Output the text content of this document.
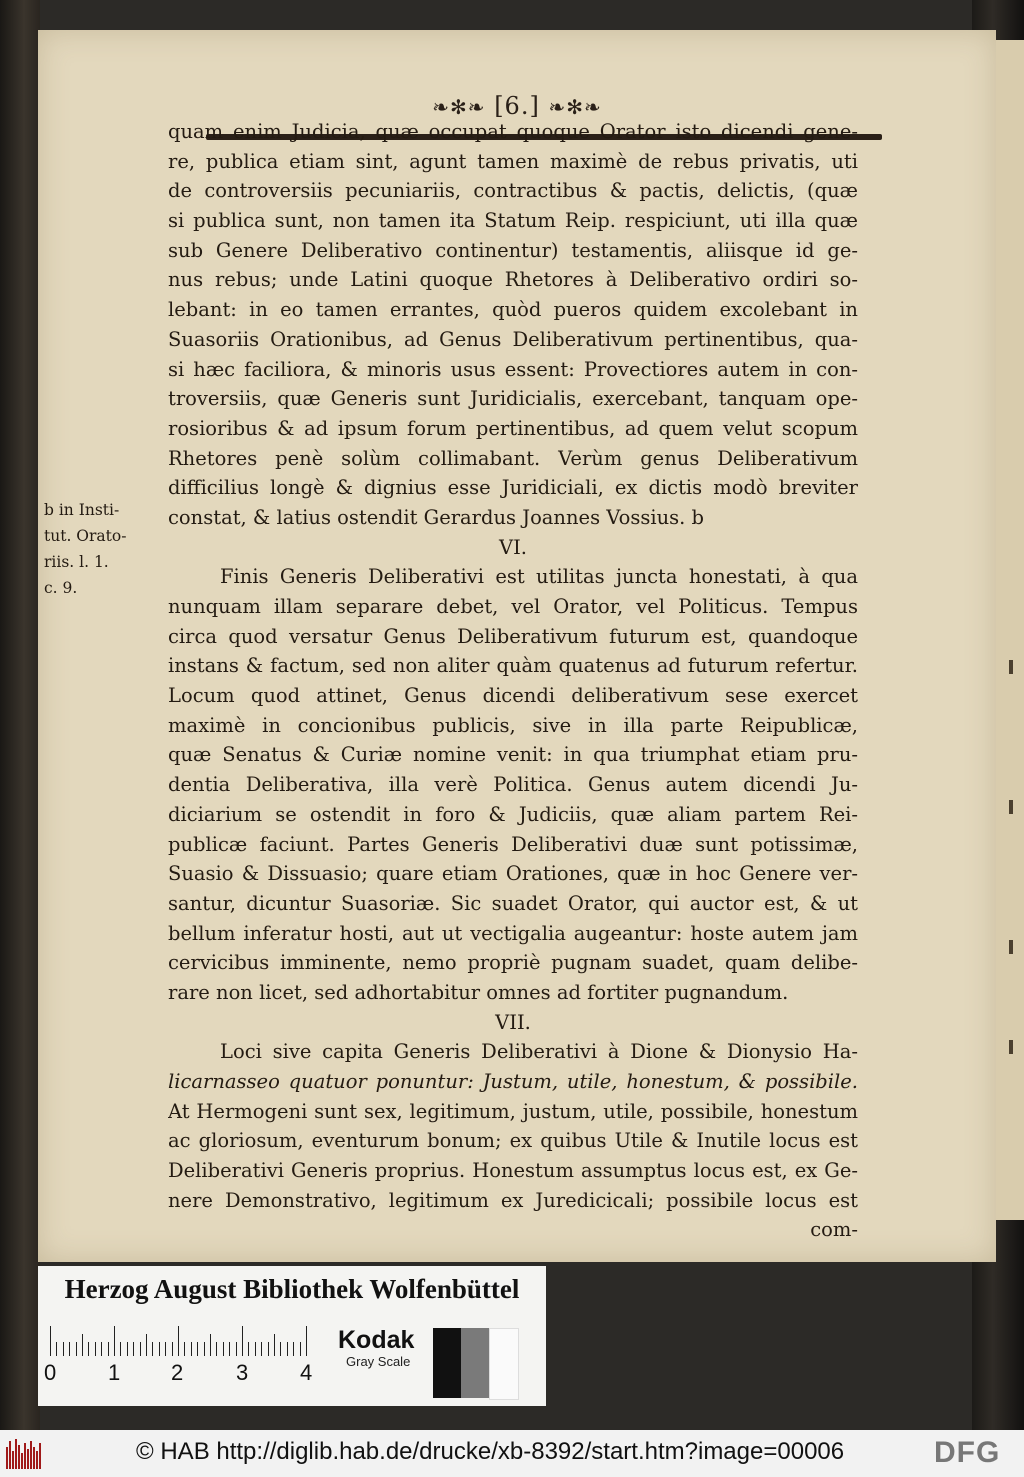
❧✻❧ [6.] ❧✻❧
quam enim Judicia, quæ occupat quoque Orator isto dicendi gene-
re, publica etiam sint, agunt tamen maximè de rebus privatis, uti
de controversiis pecuniariis, contractibus & pactis, delictis, (quæ
si publica sunt, non tamen ita Statum Reip. respiciunt, uti illa quæ
sub Genere Deliberativo continentur) testamentis, aliisque id ge-
nus rebus; unde Latini quoque Rhetores à Deliberativo ordiri so-
lebant: in eo tamen errantes, quòd pueros quidem excolebant in
Suasoriis Orationibus, ad Genus Deliberativum pertinentibus, qua-
si hæc faciliora, & minoris usus essent: Provectiores autem in con-
troversiis, quæ Generis sunt Juridicialis, exercebant, tanquam ope-
rosioribus & ad ipsum forum pertinentibus, ad quem velut scopum
Rhetores penè solùm collimabant. Verùm genus Deliberativum
difficilius longè & dignius esse Juridiciali, ex dictis modò breviter
constat, & latius ostendit Gerardus Joannes Vossius. b
VI.
Finis Generis Deliberativi est utilitas juncta honestati, à qua
nunquam illam separare debet, vel Orator, vel Politicus. Tempus
circa quod versatur Genus Deliberativum futurum est, quandoque
instans & factum, sed non aliter quàm quatenus ad futurum refertur.
Locum quod attinet, Genus dicendi deliberativum sese exercet
maximè in concionibus publicis, sive in illa parte Reipublicæ,
quæ Senatus & Curiæ nomine venit: in qua triumphat etiam pru-
dentia Deliberativa, illa verè Politica. Genus autem dicendi Ju-
diciarium se ostendit in foro & Judiciis, quæ aliam partem Rei-
publicæ faciunt. Partes Generis Deliberativi duæ sunt potissimæ,
Suasio & Dissuasio; quare etiam Orationes, quæ in hoc Genere ver-
santur, dicuntur Suasoriæ. Sic suadet Orator, qui auctor est, & ut
bellum inferatur hosti, aut ut vectigalia augeantur: hoste autem jam
cervicibus imminente, nemo propriè pugnam suadet, quam delibe-
rare non licet, sed adhortabitur omnes ad fortiter pugnandum.
VII.
Loci sive capita Generis Deliberativi à Dione & Dionysio Ha-
licarnasseo quatuor ponuntur: Justum, utile, honestum, & possibile.
At Hermogeni sunt sex, legitimum, justum, utile, possibile, honestum
ac gloriosum, eventurum bonum; ex quibus Utile & Inutile locus est
Deliberativi Generis proprius. Honestum assumptus locus est, ex Ge-
nere Demonstrativo, legitimum ex Juredicicali; possibile locus est
com-
b in Insti-
tut. Orato-
riis. l. 1.
c. 9.
Herzog August Bibliothek Wolfenbüttel
0 1 2 3 4
Kodak
Gray Scale
© HAB http://diglib.hab.de/drucke/xb-8392/start.htm?image=00006	DFG
